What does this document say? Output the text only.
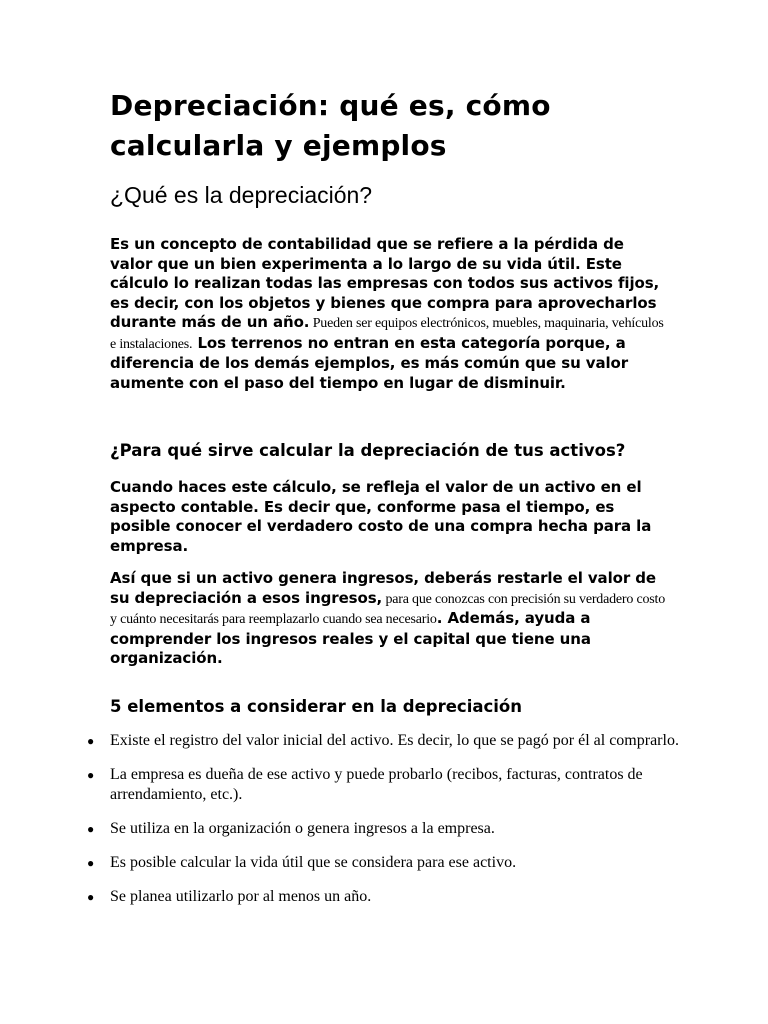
Depreciación: qué es, cómo calcularla y ejemplos
¿Qué es la depreciación?

Es un concepto de contabilidad que se refiere a la pérdida de valor que un bien experimenta a lo largo de su vida útil. Este cálculo lo realizan todas las empresas con todos sus activos fijos, es decir, con los objetos y bienes que compra para aprovecharlos durante más de un año. Pueden ser equipos electrónicos, muebles, maquinaria, vehículos e instalaciones. Los terrenos no entran en esta categoría porque, a diferencia de los demás ejemplos, es más común que su valor aumente con el paso del tiempo en lugar de disminuir.

¿Para qué sirve calcular la depreciación de tus activos?

Cuando haces este cálculo, se refleja el valor de un activo en el aspecto contable. Es decir que, conforme pasa el tiempo, es posible conocer el verdadero costo de una compra hecha para la empresa.

Así que si un activo genera ingresos, deberás restarle el valor de su depreciación a esos ingresos, para que conozcas con precisión su verdadero costo y cuánto necesitarás para reemplazarlo cuando sea necesario. Además, ayuda a comprender los ingresos reales y el capital que tiene una organización.

5 elementos a considerar en la depreciación
● Existe el registro del valor inicial del activo. Es decir, lo que se pagó por él al comprarlo.
● La empresa es dueña de ese activo y puede probarlo (recibos, facturas, contratos de arrendamiento, etc.).
● Se utiliza en la organización o genera ingresos a la empresa.
● Es posible calcular la vida útil que se considera para ese activo.
● Se planea utilizarlo por al menos un año.
